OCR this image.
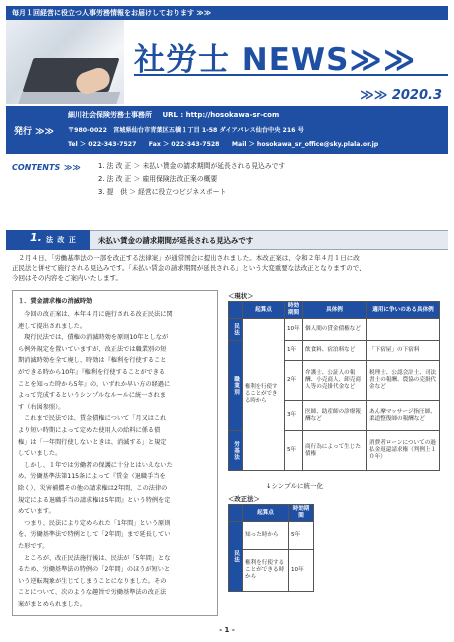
毎月１回経営に役立つ人事労務情報をお届けしております ≫≫
社労士 NEWS≫≫
≫≫ 2020.3
発行 ≫≫
細川社会保険労務士事務所 URL : http://hosokawa-sr-com
〒980-0022　宮城県仙台市青葉区五橋１丁目 1-58 ダイアパレス仙台中央 216 号
Tel ＞ 022-343-7527　　Fax ＞ 022-343-7528　　Mail ＞ hosokawa_sr_office@sky.plala.or.jp
CONTENTS ≫≫	1. 法 改 正 ＞ 未払い賃金の請求期間が延長される見込みです
2. 法 改 正 ＞ 雇用保険法改正案の概要
3. 提　供 ＞ 経営に役立つビジネスポート
1. 法 改 正	未払い賃金の請求期間が延長される見込みです
　２月４日、「労働基準法の一部を改正する法律案」が通常国会に提出されました。本改正案は、令和２年４月１日に改
正民法と併せて施行される見込みです。「未払い賃金の請求期間が延長される」という大変重要な法改正となりますので、
今回はその内容をご案内いたします。
１．賃金請求権の消滅時効
　今回の改正案は、本年４月に施行される改正民法に関
連して提出されました。
　現行民法では、債権の消滅時効を原則10年としなが
ら例外規定を置いていますが、改正法では職業別の短
期消滅時効を全て廃し、時効は『権利を行使すること
ができる時から10年』『権利を行使することができる
ことを知った時から5年』の、いずれか早い方の経過に
よって完成するというシンプルなルールに統一されま
す（右図参照）。
　これまで民法では、賃金債権について「月又はこれ
より短い時期によって定めた使用人の給料に係る債
権」は「一年間行使しないときは、消滅する」と規定
していました。
　しかし、１年では労働者の保護に十分とはいえないた
め、労働基準法第115条によって『賃金（退職手当を
除く）、災害補償その他の請求権は2年間、この法律の
規定による退職手当の請求権は5年間』という特例を定
めています。
　つまり、民法により定められた「1年間」という原則
を、労働基準法で特例として「2年間」まで延長してい
た形です。
　ところが、改正民法施行後は、民法が「5年間」とな
るため、労働基準法の特例の「2年間」のほうが短いと
いう逆転現象が生じてしまうことになりました。その
ことについて、次のような趣旨で労働基準法の改正法
案がまとめられました。
＜現状＞
	起算点	時効期間	具体例	適用に争いのある具体例
民法	権利を行使することができる時から	10年	個人間の貸金債権など	
職業別		1年	飲食料、宿泊料など	「下宿屋」の下宿料
		2年	弁護士、公証人の報酬、小売商人、卸売商人等の売掛代金など	税理士、公認会計士、司法書士の報酬、農協の売掛代金など
		3年	医師、助産師の診療報酬など	あん摩マッサージ指圧師、柔道整復師の報酬など
労基法		5年	商行為によって生じた債権	消費者ローンについての過払金返還請求権（判例上１０年）
↓シンプルに統一化
＜改正法＞
	起算点	時効期間
民法	知った時から	5年
	権利を行使することができる時から	10年
- 1 -
